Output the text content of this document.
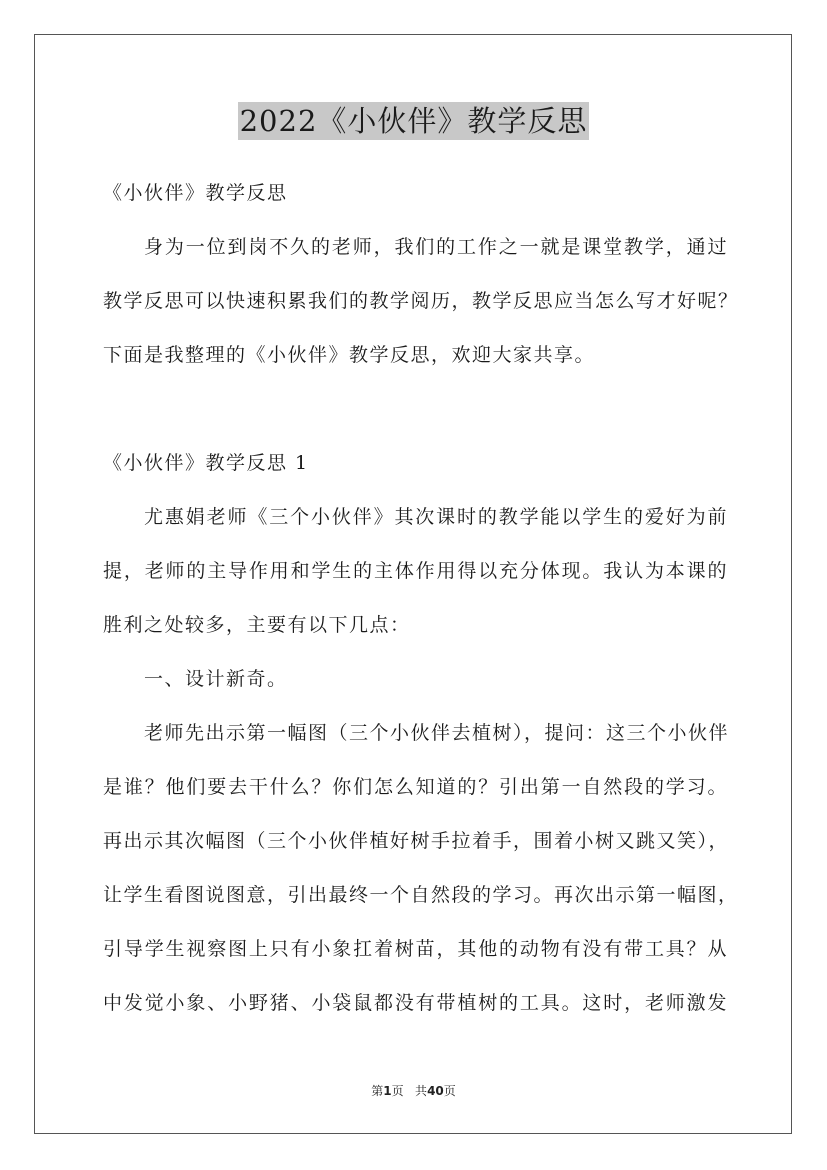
2022《小伙伴》教学反思
《小伙伴》教学反思
身为一位到岗不久的老师，我们的工作之一就是课堂教学，通过
教学反思可以快速积累我们的教学阅历，教学反思应当怎么写才好呢？
下面是我整理的《小伙伴》教学反思，欢迎大家共享。
《小伙伴》教学反思 1
尤惠娟老师《三个小伙伴》其次课时的教学能以学生的爱好为前
提，老师的主导作用和学生的主体作用得以充分体现。我认为本课的
胜利之处较多，主要有以下几点：
一、设计新奇。
老师先出示第一幅图（三个小伙伴去植树），提问：这三个小伙伴
是谁？他们要去干什么？你们怎么知道的？引出第一自然段的学习。
再出示其次幅图（三个小伙伴植好树手拉着手，围着小树又跳又笑），
让学生看图说图意，引出最终一个自然段的学习。再次出示第一幅图，
引导学生视察图上只有小象扛着树苗，其他的动物有没有带工具？从
中发觉小象、小野猪、小袋鼠都没有带植树的工具。这时，老师激发
第1页 共40页
